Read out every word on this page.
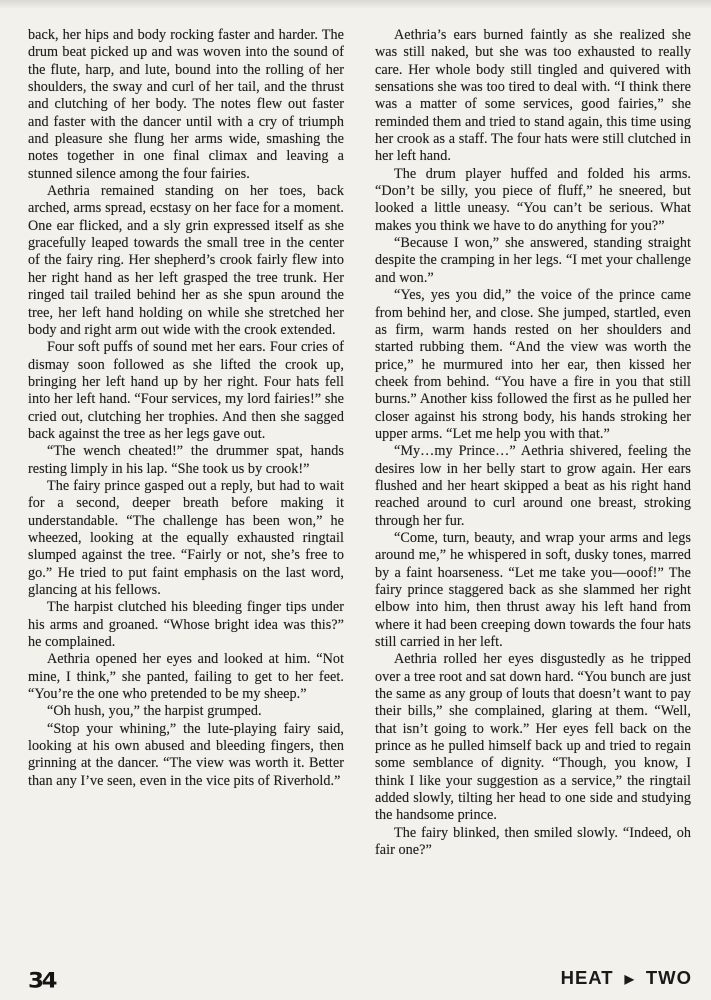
back, her hips and body rocking faster and harder. The drum beat picked up and was woven into the sound of the flute, harp, and lute, bound into the rolling of her shoulders, the sway and curl of her tail, and the thrust and clutching of her body. The notes flew out faster and faster with the dancer until with a cry of triumph and pleasure she flung her arms wide, smashing the notes together in one final climax and leaving a stunned silence among the four fairies.

Aethria remained standing on her toes, back arched, arms spread, ecstasy on her face for a moment. One ear flicked, and a sly grin expressed itself as she gracefully leaped towards the small tree in the center of the fairy ring. Her shepherd’s crook fairly flew into her right hand as her left grasped the tree trunk. Her ringed tail trailed behind her as she spun around the tree, her left hand holding on while she stretched her body and right arm out wide with the crook extended.

Four soft puffs of sound met her ears. Four cries of dismay soon followed as she lifted the crook up, bringing her left hand up by her right. Four hats fell into her left hand. “Four services, my lord fairies!” she cried out, clutching her trophies. And then she sagged back against the tree as her legs gave out.

“The wench cheated!” the drummer spat, hands resting limply in his lap. “She took us by crook!”

The fairy prince gasped out a reply, but had to wait for a second, deeper breath before making it understandable. “The challenge has been won,” he wheezed, looking at the equally exhausted ringtail slumped against the tree. “Fairly or not, she’s free to go.” He tried to put faint emphasis on the last word, glancing at his fellows.

The harpist clutched his bleeding finger tips under his arms and groaned. “Whose bright idea was this?” he complained.

Aethria opened her eyes and looked at him. “Not mine, I think,” she panted, failing to get to her feet. “You’re the one who pretended to be my sheep.”

“Oh hush, you,” the harpist grumped.

“Stop your whining,” the lute-playing fairy said, looking at his own abused and bleeding fingers, then grinning at the dancer. “The view was worth it. Better than any I’ve seen, even in the vice pits of Riverhold.”

Aethria’s ears burned faintly as she realized she was still naked, but she was too exhausted to really care. Her whole body still tingled and quivered with sensations she was too tired to deal with. “I think there was a matter of some services, good fairies,” she reminded them and tried to stand again, this time using her crook as a staff. The four hats were still clutched in her left hand.

The drum player huffed and folded his arms. “Don’t be silly, you piece of fluff,” he sneered, but looked a little uneasy. “You can’t be serious. What makes you think we have to do anything for you?”

“Because I won,” she answered, standing straight despite the cramping in her legs. “I met your challenge and won.”

“Yes, yes you did,” the voice of the prince came from behind her, and close. She jumped, startled, even as firm, warm hands rested on her shoulders and started rubbing them. “And the view was worth the price,” he murmured into her ear, then kissed her cheek from behind. “You have a fire in you that still burns.” Another kiss followed the first as he pulled her closer against his strong body, his hands stroking her upper arms. “Let me help you with that.”

“My…my Prince…” Aethria shivered, feeling the desires low in her belly start to grow again. Her ears flushed and her heart skipped a beat as his right hand reached around to curl around one breast, stroking through her fur.

“Come, turn, beauty, and wrap your arms and legs around me,” he whispered in soft, dusky tones, marred by a faint hoarseness. “Let me take you—ooof!” The fairy prince staggered back as she slammed her right elbow into him, then thrust away his left hand from where it had been creeping down towards the four hats still carried in her left.

Aethria rolled her eyes disgustedly as he tripped over a tree root and sat down hard. “You bunch are just the same as any group of louts that doesn’t want to pay their bills,” she complained, glaring at them. “Well, that isn’t going to work.” Her eyes fell back on the prince as he pulled himself back up and tried to regain some semblance of dignity. “Though, you know, I think I like your suggestion as a service,” the ringtail added slowly, tilting her head to one side and studying the handsome prince.

The fairy blinked, then smiled slowly. “Indeed, oh fair one?”

34	HEAT ▶ TWO
